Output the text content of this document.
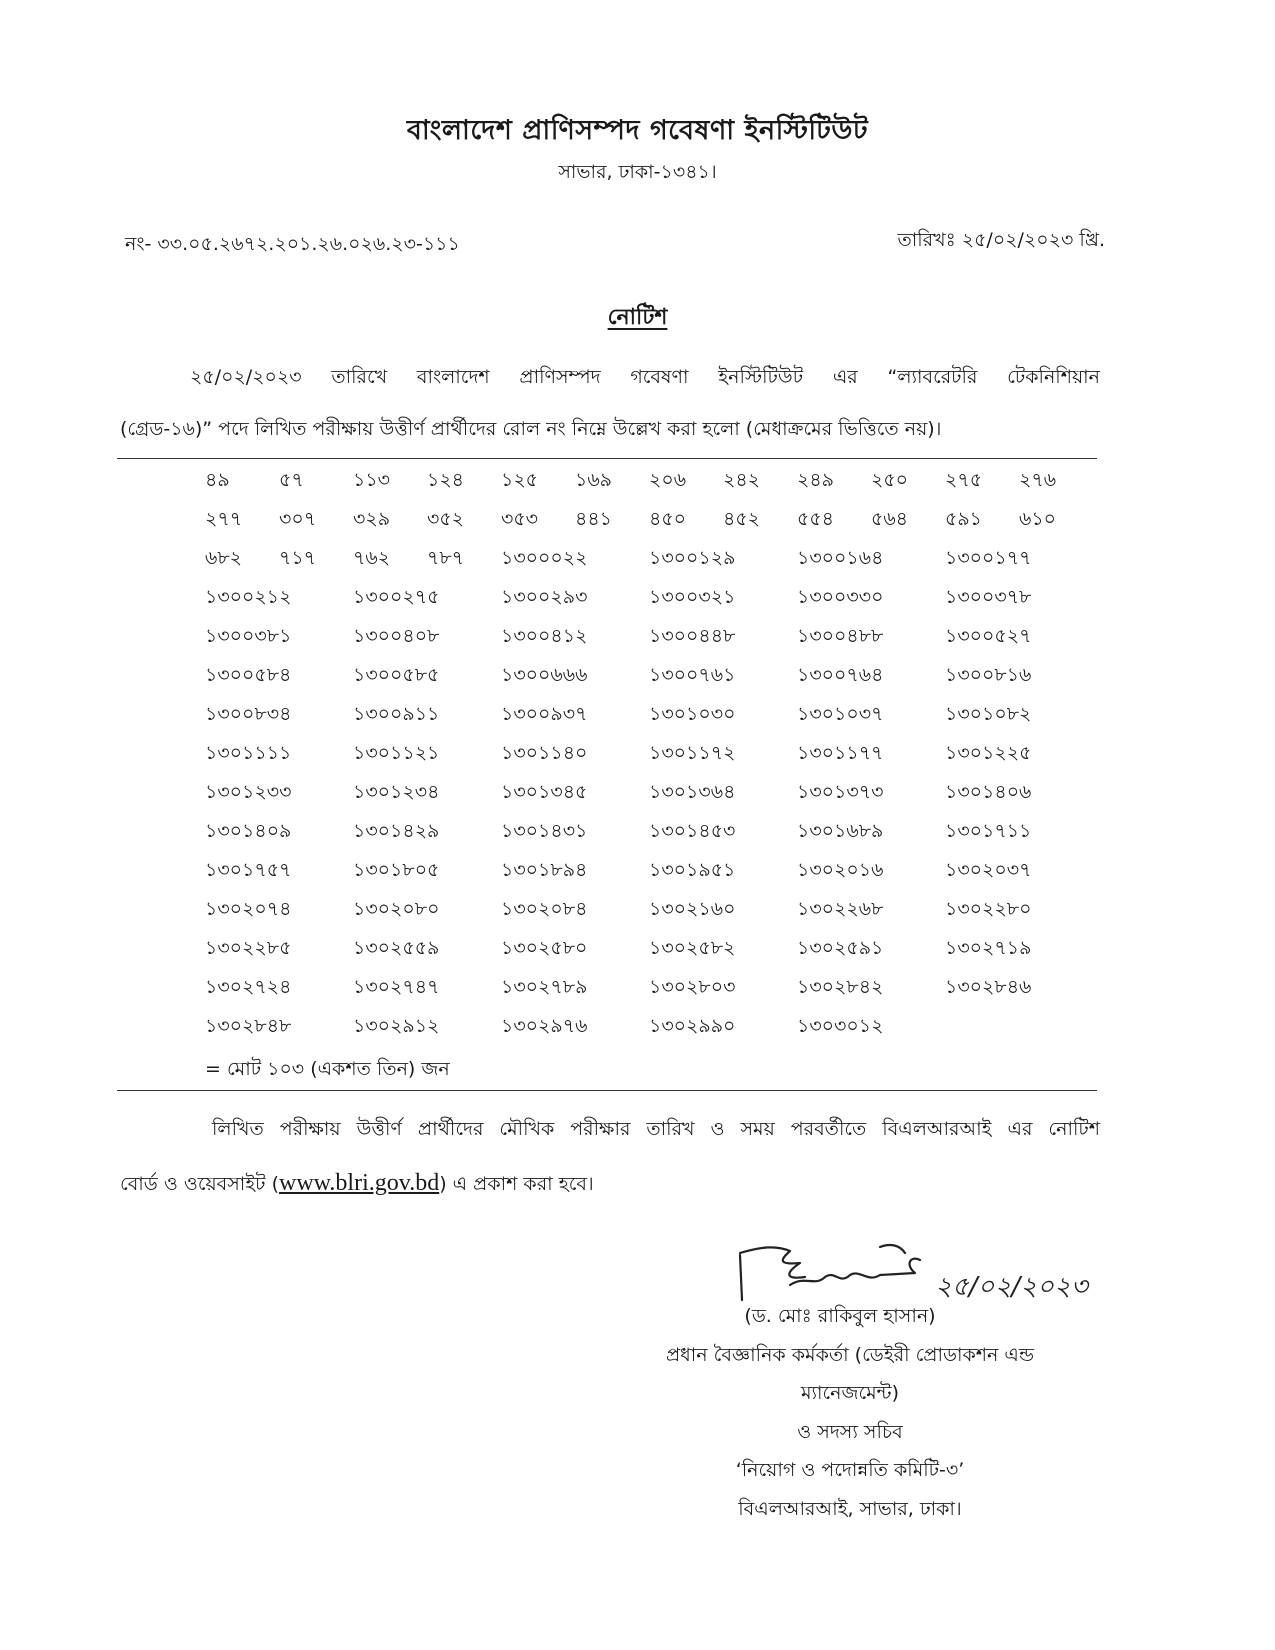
বাংলাদেশ প্রাণিসম্পদ গবেষণা ইনস্টিটিউট
সাভার, ঢাকা-১৩৪১।
নং- ৩৩.০৫.২৬৭২.২০১.২৬.০২৬.২৩-১১১	তারিখঃ ২৫/০২/২০২৩ খ্রি.
নোটিশ
২৫/০২/২০২৩ তারিখে বাংলাদেশ প্রাণিসম্পদ গবেষণা ইনস্টিটিউট এর “ল্যাবরেটরি টেকনিশিয়ান
(গ্রেড-১৬)” পদে লিখিত পরীক্ষায় উত্তীর্ণ প্রার্থীদের রোল নং নিম্নে উল্লেখ করা হলো (মেধাক্রমের ভিত্তিতে নয়)।
৪৯	৫৭	১১৩ ১২৪ ১২৫ ১৬৯ ২০৬ ২৪২ ২৪৯ ২৫০ ২৭৫ ২৭৬
২৭৭ ৩০৭ ৩২৯ ৩৫২ ৩৫৩ ৪৪১ ৪৫০ ৪৫২ ৫৫৪ ৫৬৪ ৫৯১ ৬১০
৬৮২ ৭১৭ ৭৬২ ৭৮৭ ১৩০০০২২	১৩০০১২৯	১৩০০১৬৪	১৩০০১৭৭
১৩০০২১২	১৩০০২৭৫	১৩০০২৯৩	১৩০০৩২১	১৩০০৩৩০	১৩০০৩৭৮
১৩০০৩৮১	১৩০০৪০৮	১৩০০৪১২	১৩০০৪৪৮	১৩০০৪৮৮	১৩০০৫২৭
১৩০০৫৮৪	১৩০০৫৮৫	১৩০০৬৬৬	১৩০০৭৬১	১৩০০৭৬৪	১৩০০৮১৬
১৩০০৮৩৪	১৩০০৯১১	১৩০০৯৩৭	১৩০১০৩০	১৩০১০৩৭	১৩০১০৮২
১৩০১১১১	১৩০১১২১	১৩০১১৪০	১৩০১১৭২	১৩০১১৭৭	১৩০১২২৫
১৩০১২৩৩	১৩০১২৩৪	১৩০১৩৪৫	১৩০১৩৬৪	১৩০১৩৭৩	১৩০১৪০৬
১৩০১৪০৯	১৩০১৪২৯	১৩০১৪৩১	১৩০১৪৫৩	১৩০১৬৮৯	১৩০১৭১১
১৩০১৭৫৭	১৩০১৮০৫	১৩০১৮৯৪	১৩০১৯৫১	১৩০২০১৬	১৩০২০৩৭
১৩০২০৭৪	১৩০২০৮০	১৩০২০৮৪	১৩০২১৬০	১৩০২২৬৮	১৩০২২৮০
১৩০২২৮৫	১৩০২৫৫৯	১৩০২৫৮০	১৩০২৫৮২	১৩০২৫৯১	১৩০২৭১৯
১৩০২৭২৪	১৩০২৭৪৭	১৩০২৭৮৯	১৩০২৮০৩	১৩০২৮৪২	১৩০২৮৪৬
১৩০২৮৪৮	১৩০২৯১২	১৩০২৯৭৬	১৩০২৯৯০	১৩০৩০১২
= মোট ১০৩ (একশত তিন) জন
লিখিত পরীক্ষায় উত্তীর্ণ প্রার্থীদের মৌখিক পরীক্ষার তারিখ ও সময় পরবর্তীতে বিএলআরআই এর নোটিশ
বোর্ড ও ওয়েবসাইট (www.blri.gov.bd) এ প্রকাশ করা হবে।
২৫/০২/২০২৩
(ড. মোঃ রাকিবুল হাসান)
প্রধান বৈজ্ঞানিক কর্মকর্তা (ডেইরী প্রোডাকশন এন্ড
ম্যানেজমেন্ট)
ও সদস্য সচিব
‘নিয়োগ ও পদোন্নতি কমিটি-৩’
বিএলআরআই, সাভার, ঢাকা।
